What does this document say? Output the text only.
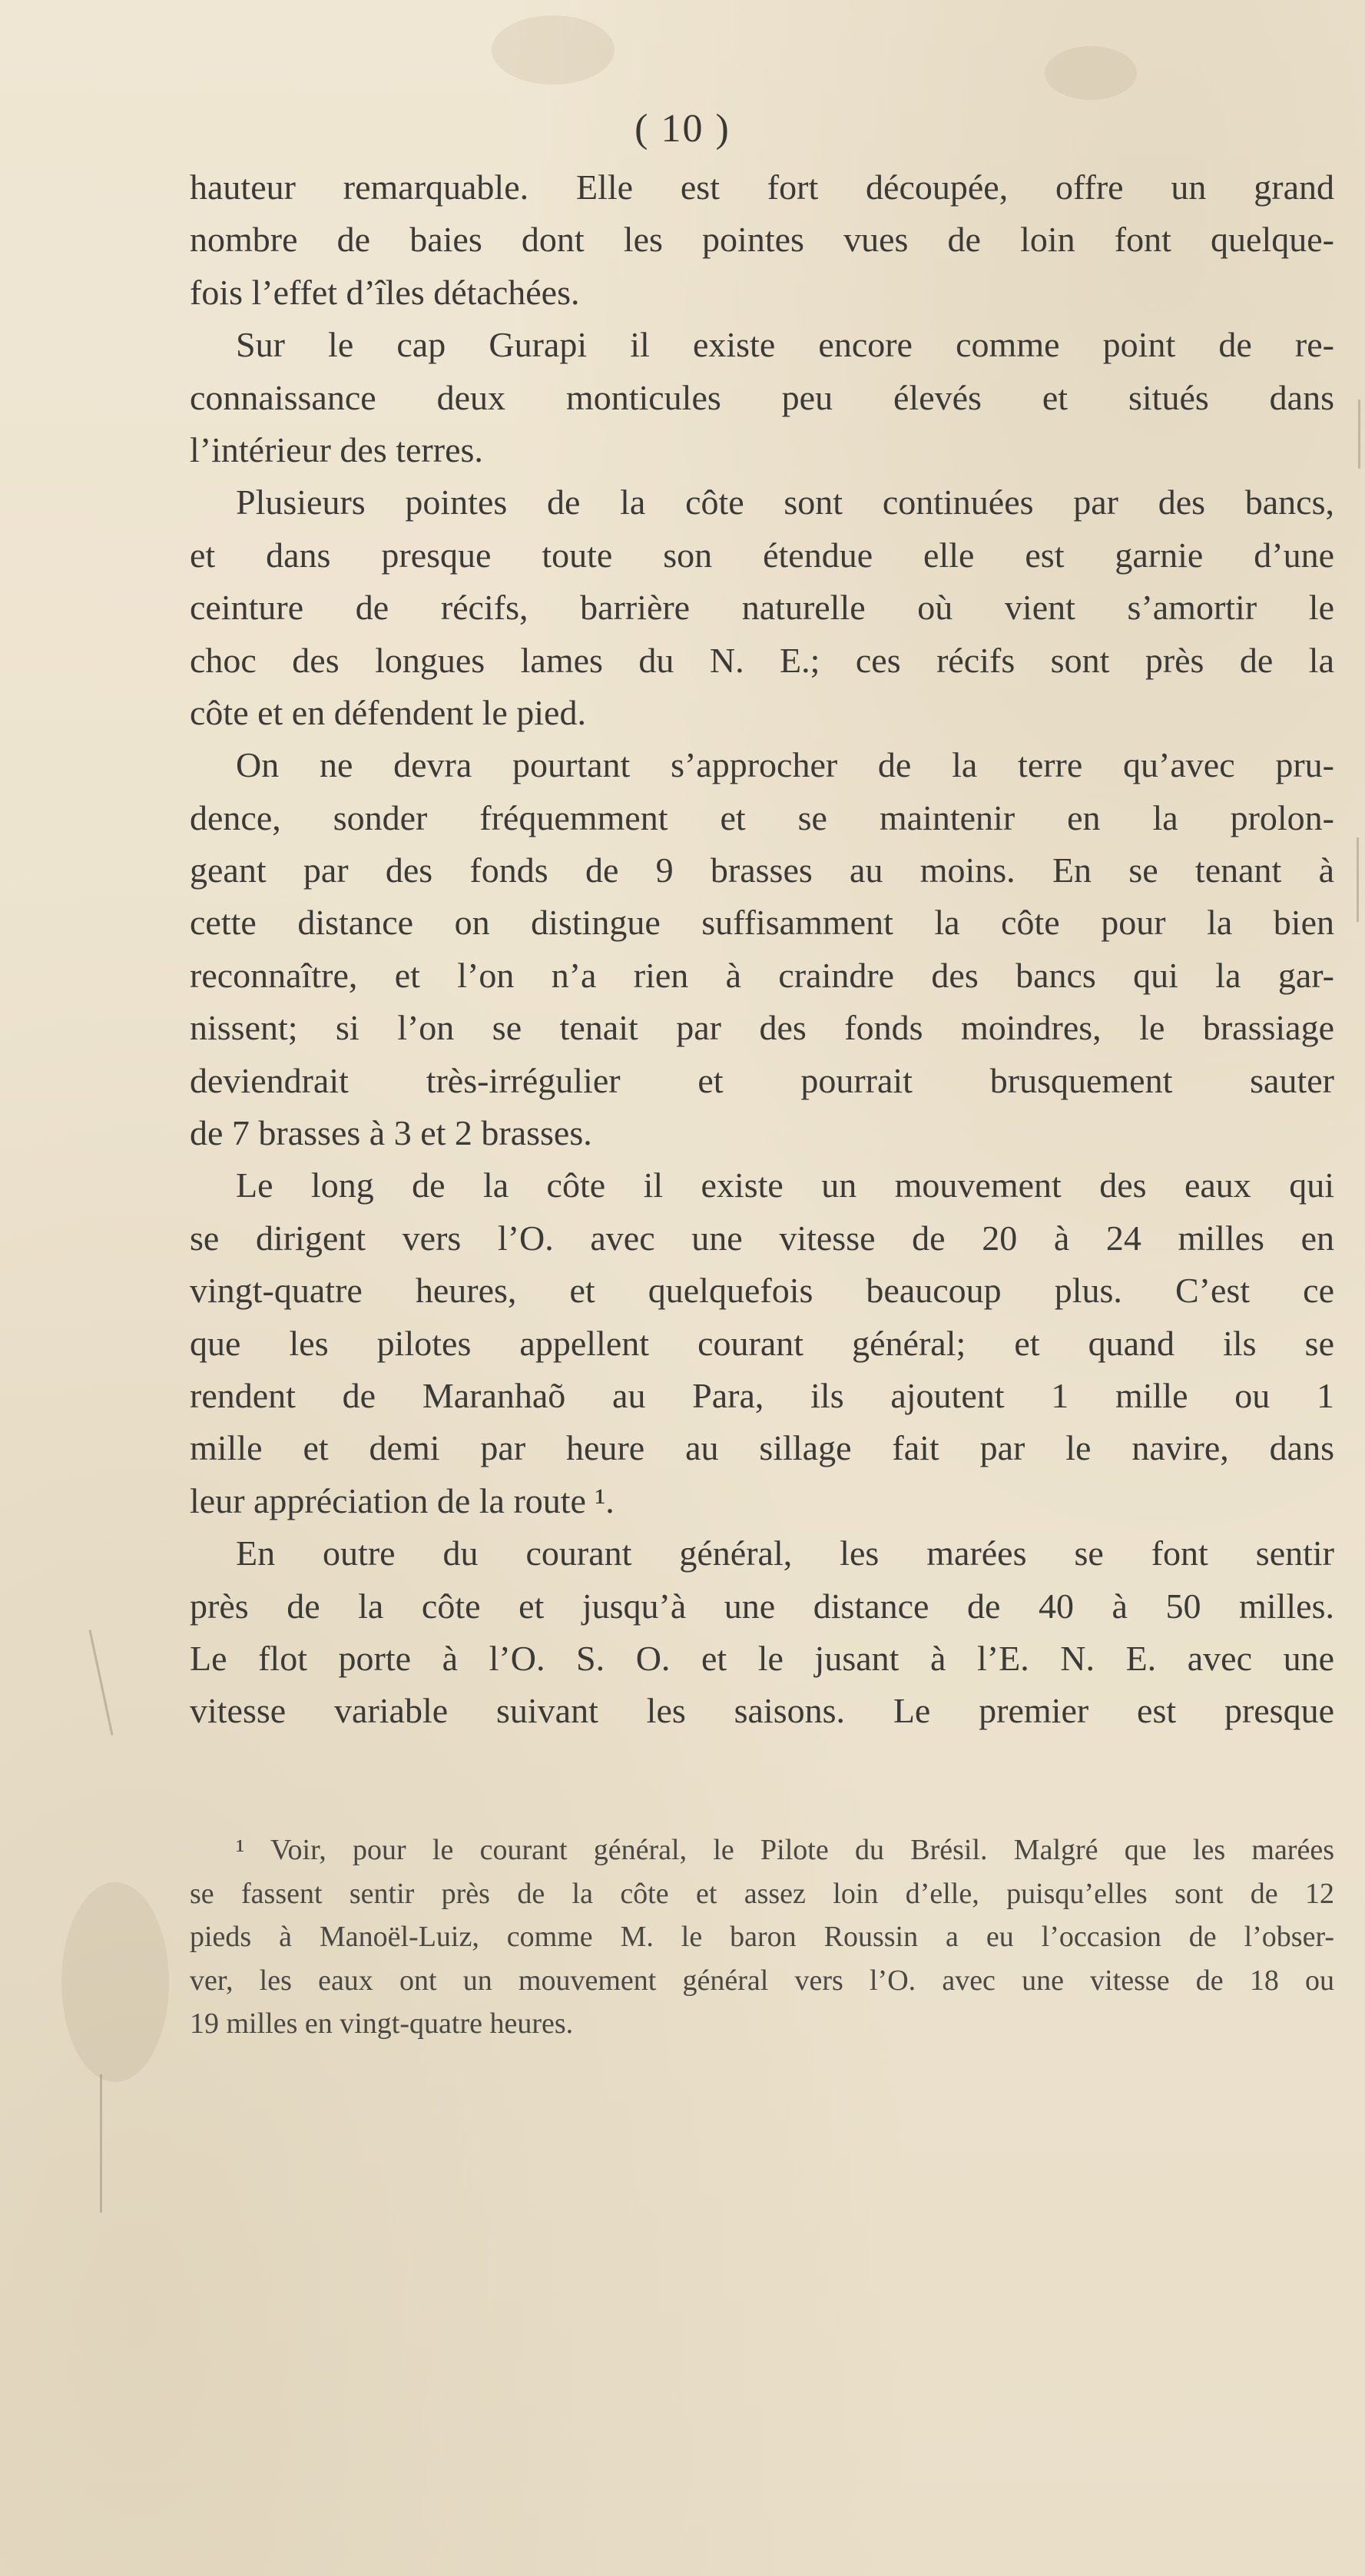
( 10 )
hauteur remarquable. Elle est fort découpée, offre un grand
nombre de baies dont les pointes vues de loin font quelque-
fois l’effet d’îles détachées.
Sur le cap Gurapi il existe encore comme point de re-
connaissance deux monticules peu élevés et situés dans
l’intérieur des terres.
Plusieurs pointes de la côte sont continuées par des bancs,
et dans presque toute son étendue elle est garnie d’une
ceinture de récifs, barrière naturelle où vient s’amortir le
choc des longues lames du N. E.; ces récifs sont près de la
côte et en défendent le pied.
On ne devra pourtant s’approcher de la terre qu’avec pru-
dence, sonder fréquemment et se maintenir en la prolon-
geant par des fonds de 9 brasses au moins. En se tenant à
cette distance on distingue suffisamment la côte pour la bien
reconnaître, et l’on n’a rien à craindre des bancs qui la gar-
nissent; si l’on se tenait par des fonds moindres, le brassiage
deviendrait très-irrégulier et pourrait brusquement sauter
de 7 brasses à 3 et 2 brasses.
Le long de la côte il existe un mouvement des eaux qui
se dirigent vers l’O. avec une vitesse de 20 à 24 milles en
vingt-quatre heures, et quelquefois beaucoup plus. C’est ce
que les pilotes appellent courant général; et quand ils se
rendent de Maranhaõ au Para, ils ajoutent 1 mille ou 1
mille et demi par heure au sillage fait par le navire, dans
leur appréciation de la route ¹.
En outre du courant général, les marées se font sentir
près de la côte et jusqu’à une distance de 40 à 50 milles.
Le flot porte à l’O. S. O. et le jusant à l’E. N. E. avec une
vitesse variable suivant les saisons. Le premier est presque
¹ Voir, pour le courant général, le Pilote du Brésil. Malgré que les marées
se fassent sentir près de la côte et assez loin d’elle, puisqu’elles sont de 12
pieds à Manoël-Luiz, comme M. le baron Roussin a eu l’occasion de l’obser-
ver, les eaux ont un mouvement général vers l’O. avec une vitesse de 18 ou
19 milles en vingt-quatre heures.
